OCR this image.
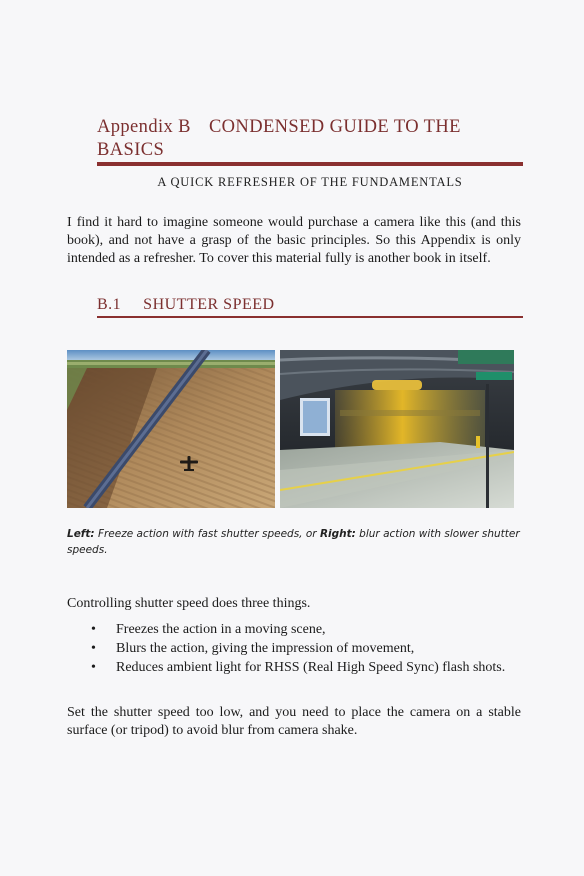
Appendix B CONDENSED GUIDE TO THE BASICS
A QUICK REFRESHER OF THE FUNDAMENTALS
I find it hard to imagine someone would purchase a camera like this (and this book), and not have a grasp of the basic principles. So this Appendix is only intended as a refresher. To cover this material fully is another book in itself.
B.1 SHUTTER SPEED
Left: Freeze action with fast shutter speeds, or Right: blur action with slower shutter speeds.
Controlling shutter speed does three things.
• Freezes the action in a moving scene,
• Blurs the action, giving the impression of movement,
• Reduces ambient light for RHSS (Real High Speed Sync) flash shots.
Set the shutter speed too low, and you need to place the camera on a stable surface (or tripod) to avoid blur from camera shake.
